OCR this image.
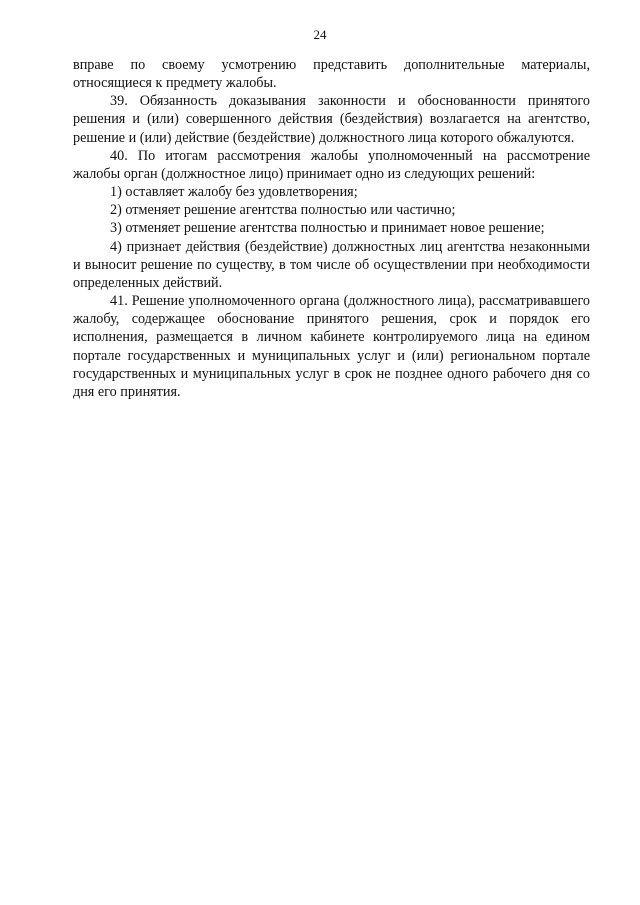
24

вправе по своему усмотрению представить дополнительные материалы, относящиеся к предмету жалобы.

39. Обязанность доказывания законности и обоснованности принятого решения и (или) совершенного действия (бездействия) возлагается на агентство, решение и (или) действие (бездействие) должностного лица которого обжалуются.

40. По итогам рассмотрения жалобы уполномоченный на рассмотрение жалобы орган (должностное лицо) принимает одно из следующих решений:

1) оставляет жалобу без удовлетворения;

2) отменяет решение агентства полностью или частично;

3) отменяет решение агентства полностью и принимает новое решение;

4) признает действия (бездействие) должностных лиц агентства незаконными и выносит решение по существу, в том числе об осуществлении при необходимости определенных действий.

41. Решение уполномоченного органа (должностного лица), рассматривавшего жалобу, содержащее обоснование принятого решения, срок и порядок его исполнения, размещается в личном кабинете контролируемого лица на едином портале государственных и муниципальных услуг и (или) региональном портале государственных и муниципальных услуг в срок не позднее одного рабочего дня со дня его принятия.
